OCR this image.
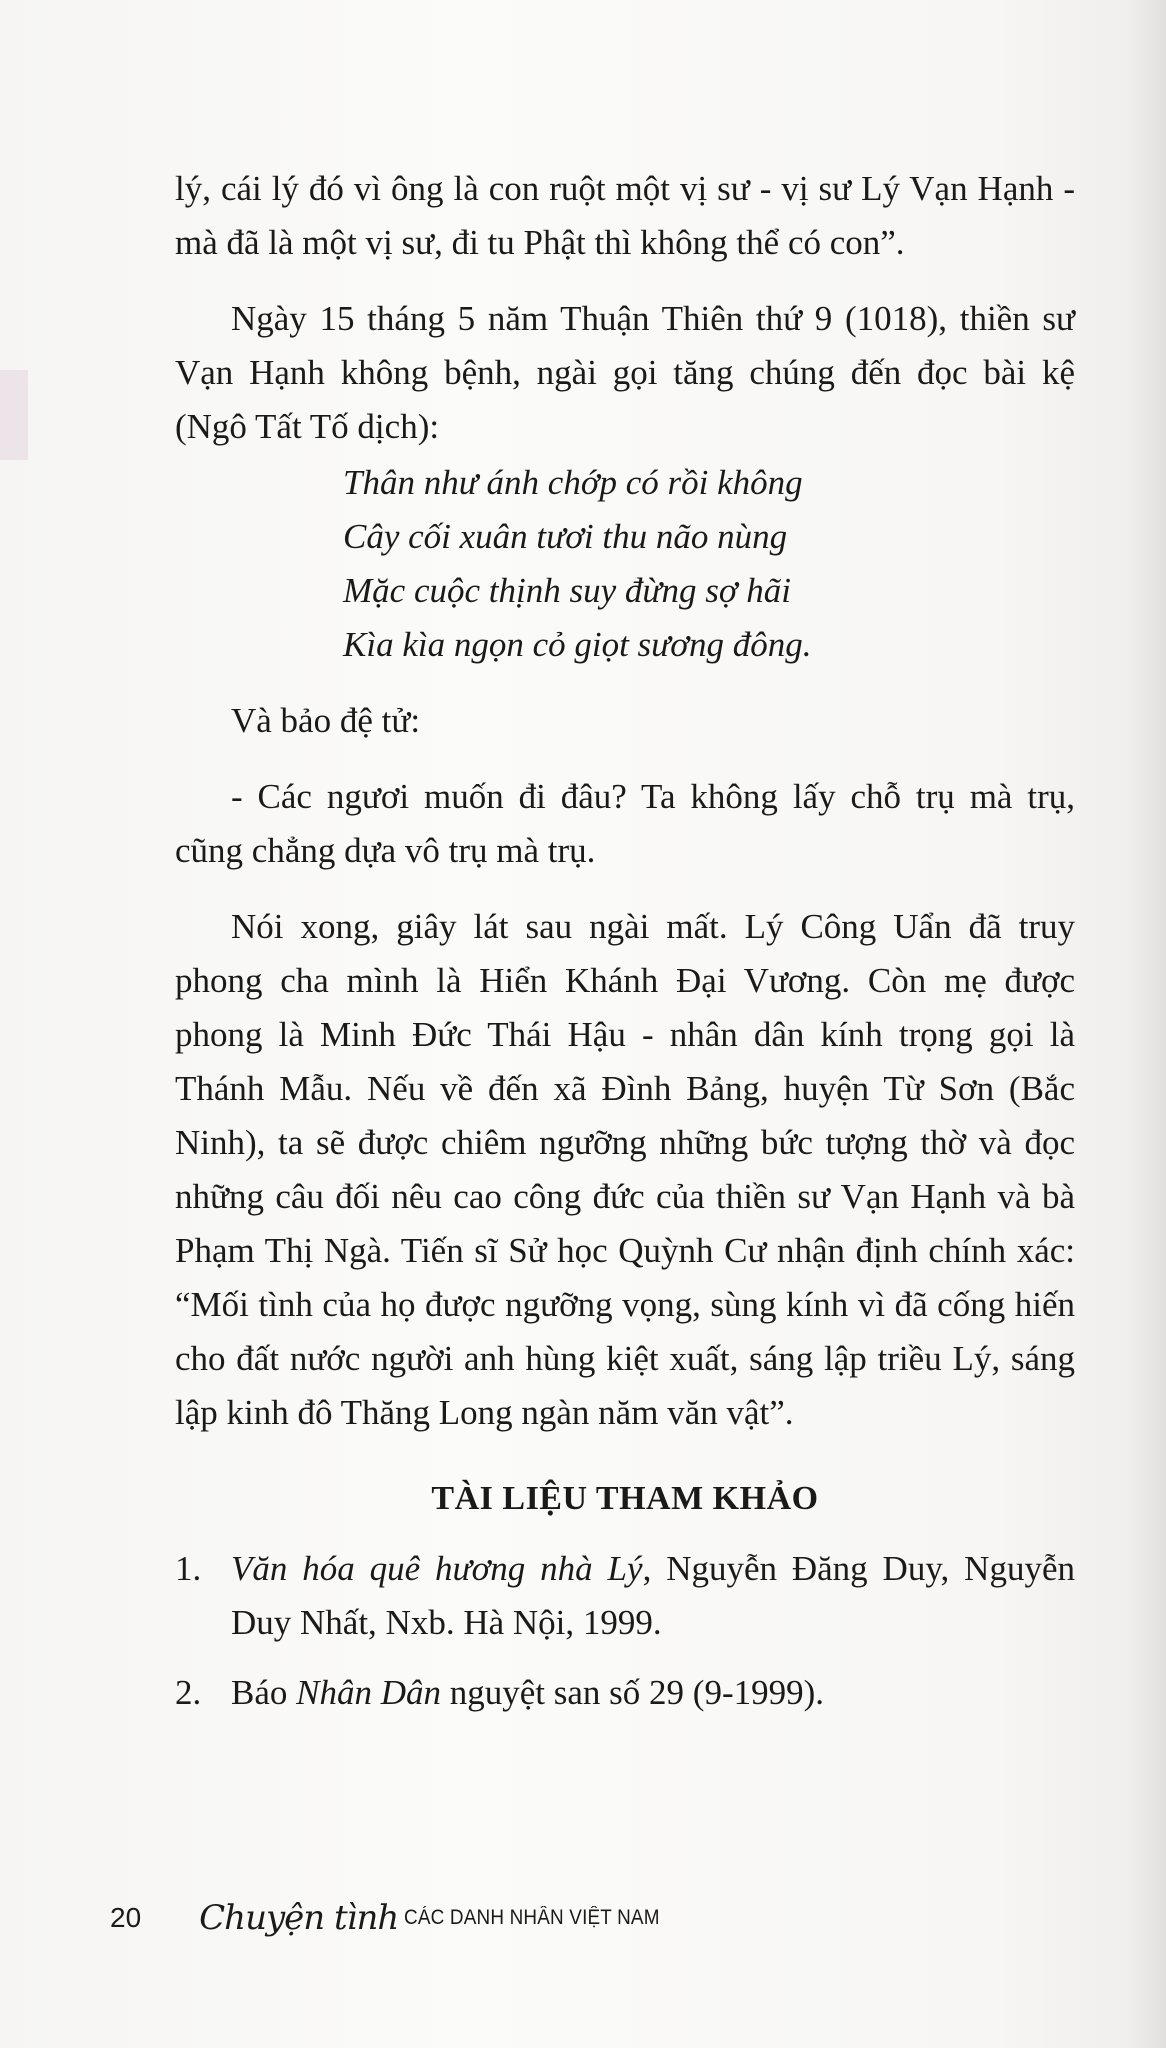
lý, cái lý đó vì ông là con ruột một vị sư - vị sư Lý Vạn Hạnh - mà đã là một vị sư, đi tu Phật thì không thể có con”.

Ngày 15 tháng 5 năm Thuận Thiên thứ 9 (1018), thiền sư Vạn Hạnh không bệnh, ngài gọi tăng chúng đến đọc bài kệ (Ngô Tất Tố dịch):

Thân như ánh chớp có rồi không
Cây cối xuân tươi thu não nùng
Mặc cuộc thịnh suy đừng sợ hãi
Kìa kìa ngọn cỏ giọt sương đông.

Và bảo đệ tử:

- Các ngươi muốn đi đâu? Ta không lấy chỗ trụ mà trụ, cũng chẳng dựa vô trụ mà trụ.

Nói xong, giây lát sau ngài mất. Lý Công Uẩn đã truy phong cha mình là Hiển Khánh Đại Vương. Còn mẹ được phong là Minh Đức Thái Hậu - nhân dân kính trọng gọi là Thánh Mẫu. Nếu về đến xã Đình Bảng, huyện Từ Sơn (Bắc Ninh), ta sẽ được chiêm ngưỡng những bức tượng thờ và đọc những câu đối nêu cao công đức của thiền sư Vạn Hạnh và bà Phạm Thị Ngà. Tiến sĩ Sử học Quỳnh Cư nhận định chính xác: “Mối tình của họ được ngưỡng vọng, sùng kính vì đã cống hiến cho đất nước người anh hùng kiệt xuất, sáng lập triều Lý, sáng lập kinh đô Thăng Long ngàn năm văn vật”.

TÀI LIỆU THAM KHẢO

1. Văn hóa quê hương nhà Lý, Nguyễn Đăng Duy, Nguyễn Duy Nhất, Nxb. Hà Nội, 1999.
2. Báo Nhân Dân nguyệt san số 29 (9-1999).
20 Chuyện tình CÁC DANH NHÂN VIỆT NAM
